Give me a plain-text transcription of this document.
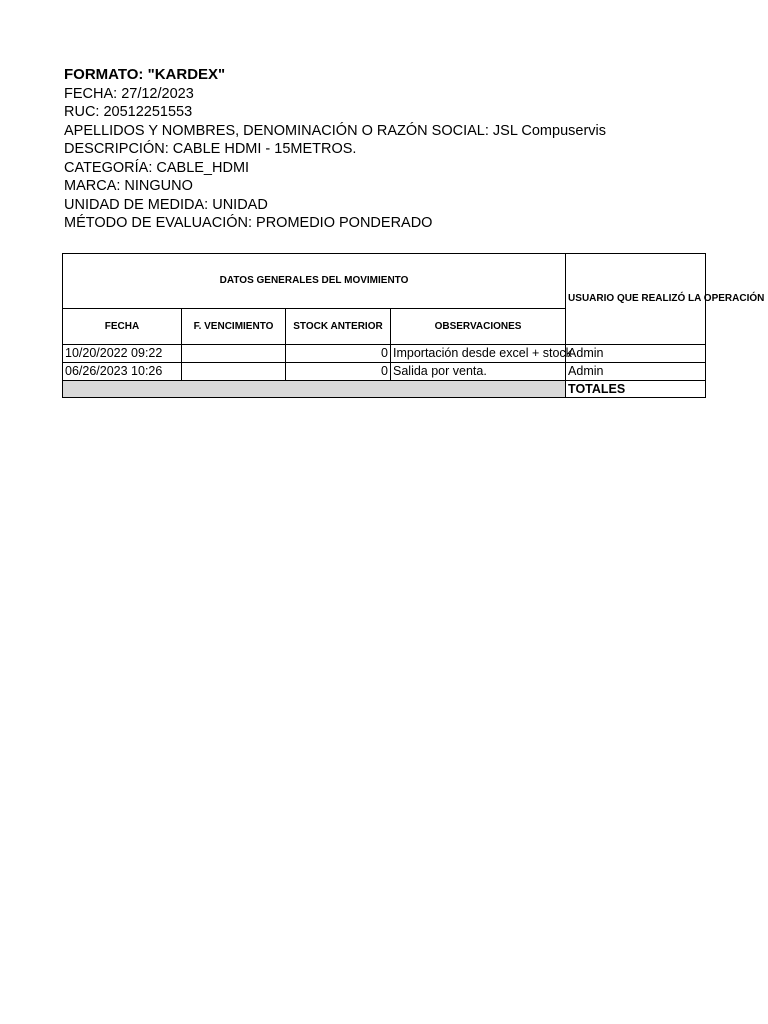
FORMATO: "KARDEX"
FECHA: 27/12/2023
RUC: 20512251553
APELLIDOS Y NOMBRES, DENOMINACIÓN O RAZÓN SOCIAL: JSL Compuservis
DESCRIPCIÓN: CABLE HDMI - 15METROS.
CATEGORÍA: CABLE_HDMI
MARCA: NINGUNO
UNIDAD DE MEDIDA: UNIDAD
MÉTODO DE EVALUACIÓN: PROMEDIO PONDERADO
DATOS GENERALES DEL MOVIMIENTO				USUARIO QUE REALIZÓ LA OPERACIÓN
FECHA	F. VENCIMIENTO	STOCK ANTERIOR	OBSERVACIONES	
10/20/2022 09:22		0	Importación desde excel + stock	Admin
06/26/2023 10:26		0	Salida por venta.	Admin
				TOTALES
